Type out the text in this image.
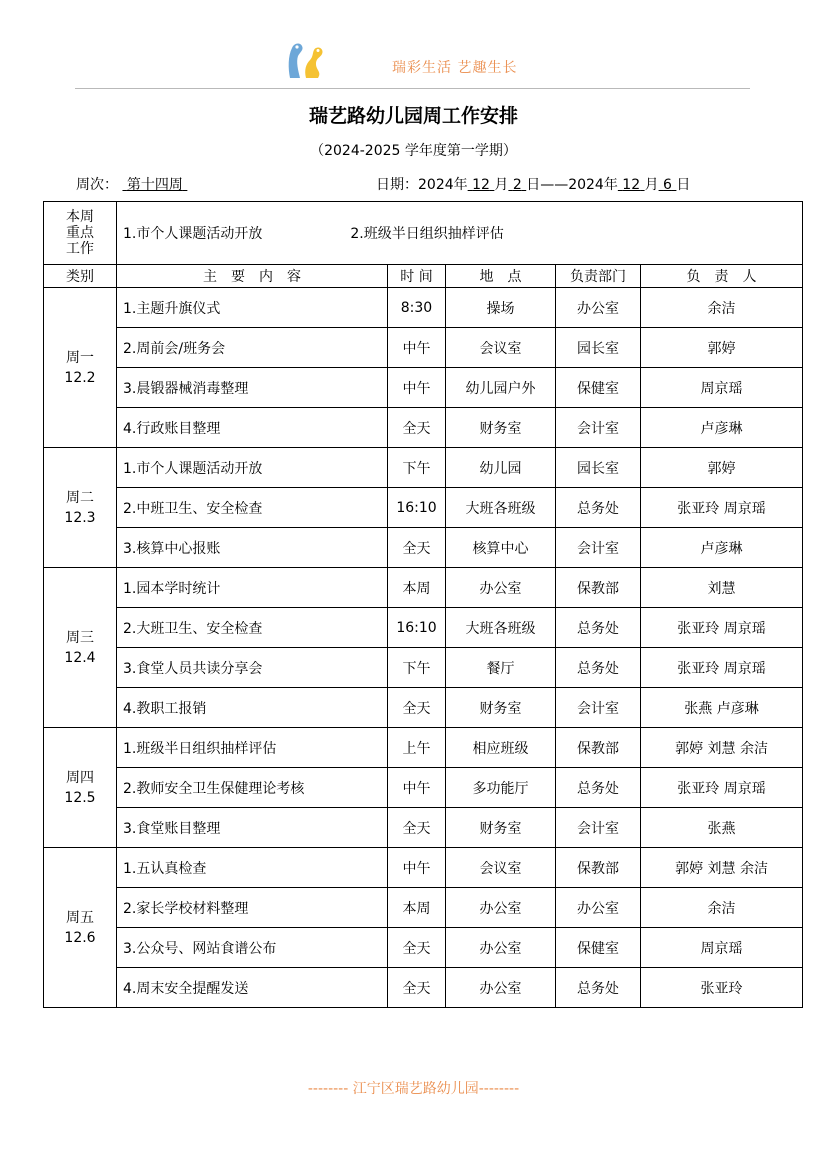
瑞彩生活 艺趣生长
瑞艺路幼儿园周工作安排
（2024-2025 学年度第一学期）
周次： 第十四周	日期：2024年 12 月 2 日——2024年 12 月 6 日
本周
重点
工作	1.市个人课题活动开放 2.班级半日组织抽样评估				
类别	主　要　内　容	时 间	地　点	负责部门	负　责　人
周一
12.2	1.主题升旗仪式	8:30	操场	办公室	余洁
	2.周前会/班务会	中午	会议室	园长室	郭婷
	3.晨锻器械消毒整理	中午	幼儿园户外	保健室	周京瑶
	4.行政账目整理	全天	财务室	会计室	卢彦琳
周二
12.3	1.市个人课题活动开放	下午	幼儿园	园长室	郭婷
	2.中班卫生、安全检查	16:10	大班各班级	总务处	张亚玲 周京瑶
	3.核算中心报账	全天	核算中心	会计室	卢彦琳
周三
12.4	1.园本学时统计	本周	办公室	保教部	刘慧
	2.大班卫生、安全检查	16:10	大班各班级	总务处	张亚玲 周京瑶
	3.食堂人员共读分享会	下午	餐厅	总务处	张亚玲 周京瑶
	4.教职工报销	全天	财务室	会计室	张燕 卢彦琳
周四
12.5	1.班级半日组织抽样评估	上午	相应班级	保教部	郭婷 刘慧 余洁
	2.教师安全卫生保健理论考核	中午	多功能厅	总务处	张亚玲 周京瑶
	3.食堂账目整理	全天	财务室	会计室	张燕
周五
12.6	1.五认真检查	中午	会议室	保教部	郭婷 刘慧 余洁
	2.家长学校材料整理	本周	办公室	办公室	余洁
	3.公众号、网站食谱公布	全天	办公室	保健室	周京瑶
	4.周末安全提醒发送	全天	办公室	总务处	张亚玲
-------- 江宁区瑞艺路幼儿园--------
